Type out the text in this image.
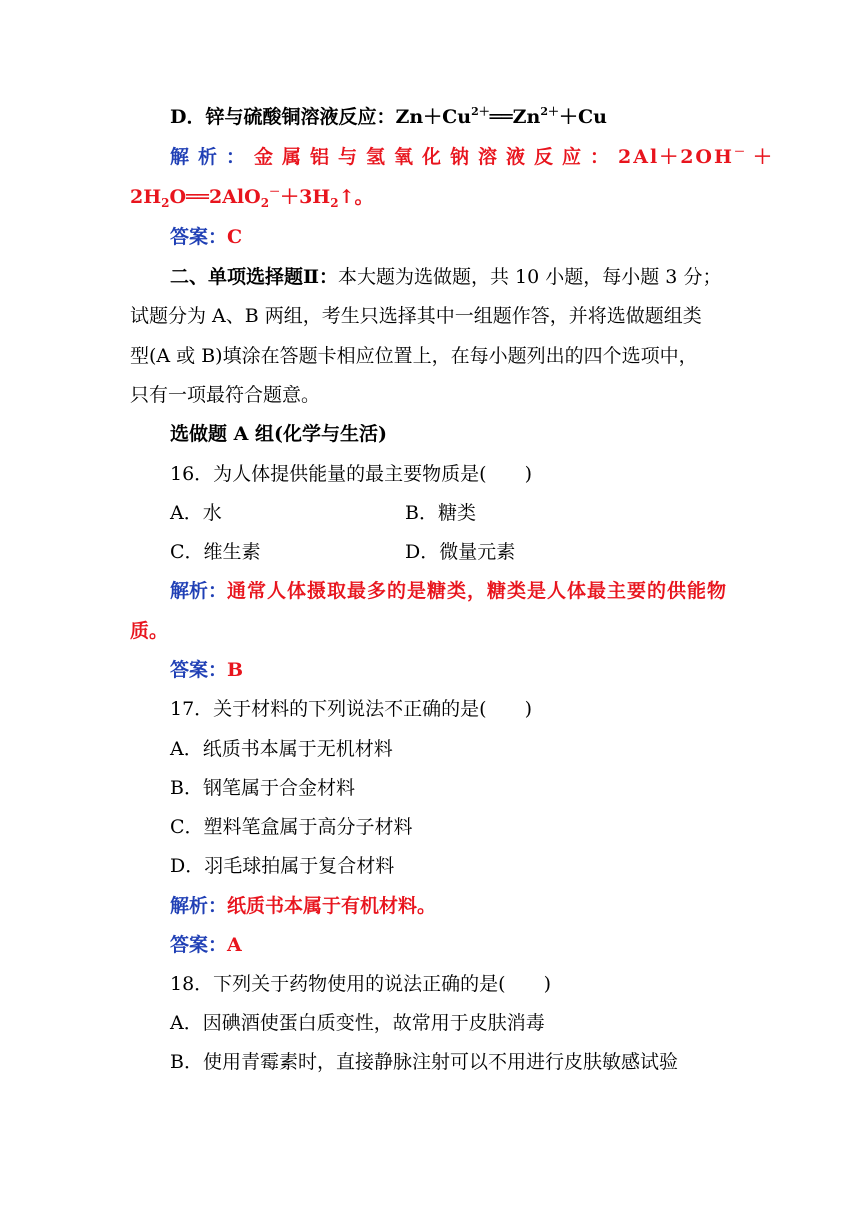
D．锌与硫酸铜溶液反应：$Zn+Cu^{2+}══Zn^{2+}+Cu$
解析：金属铝与氢氧化钠溶液反应：2Al＋2OH－ ＋
$2H_2O══2AlO_2^-+3H_2↑$。
答案：C
二、单项选择题Ⅱ：本大题为选做题，共 10 小题，每小题 3 分；
试题分为 A、B 两组，考生只选择其中一组题作答，并将选做题组类
型(A 或 B)填涂在答题卡相应位置上，在每小题列出的四个选项中，
只有一项最符合题意。
选做题 A 组(化学与生活)
16．为人体提供能量的最主要物质是(　　)
A．水	B．糖类
C．维生素	D．微量元素
解析：通常人体摄取最多的是糖类，糖类是人体最主要的供能物
质。
答案：B
17．关于材料的下列说法不正确的是(　　)
A．纸质书本属于无机材料
B．钢笔属于合金材料
C．塑料笔盒属于高分子材料
D．羽毛球拍属于复合材料
解析：纸质书本属于有机材料。
答案：A
18．下列关于药物使用的说法正确的是(　　)
A．因碘酒使蛋白质变性，故常用于皮肤消毒
B．使用青霉素时，直接静脉注射可以不用进行皮肤敏感试验
